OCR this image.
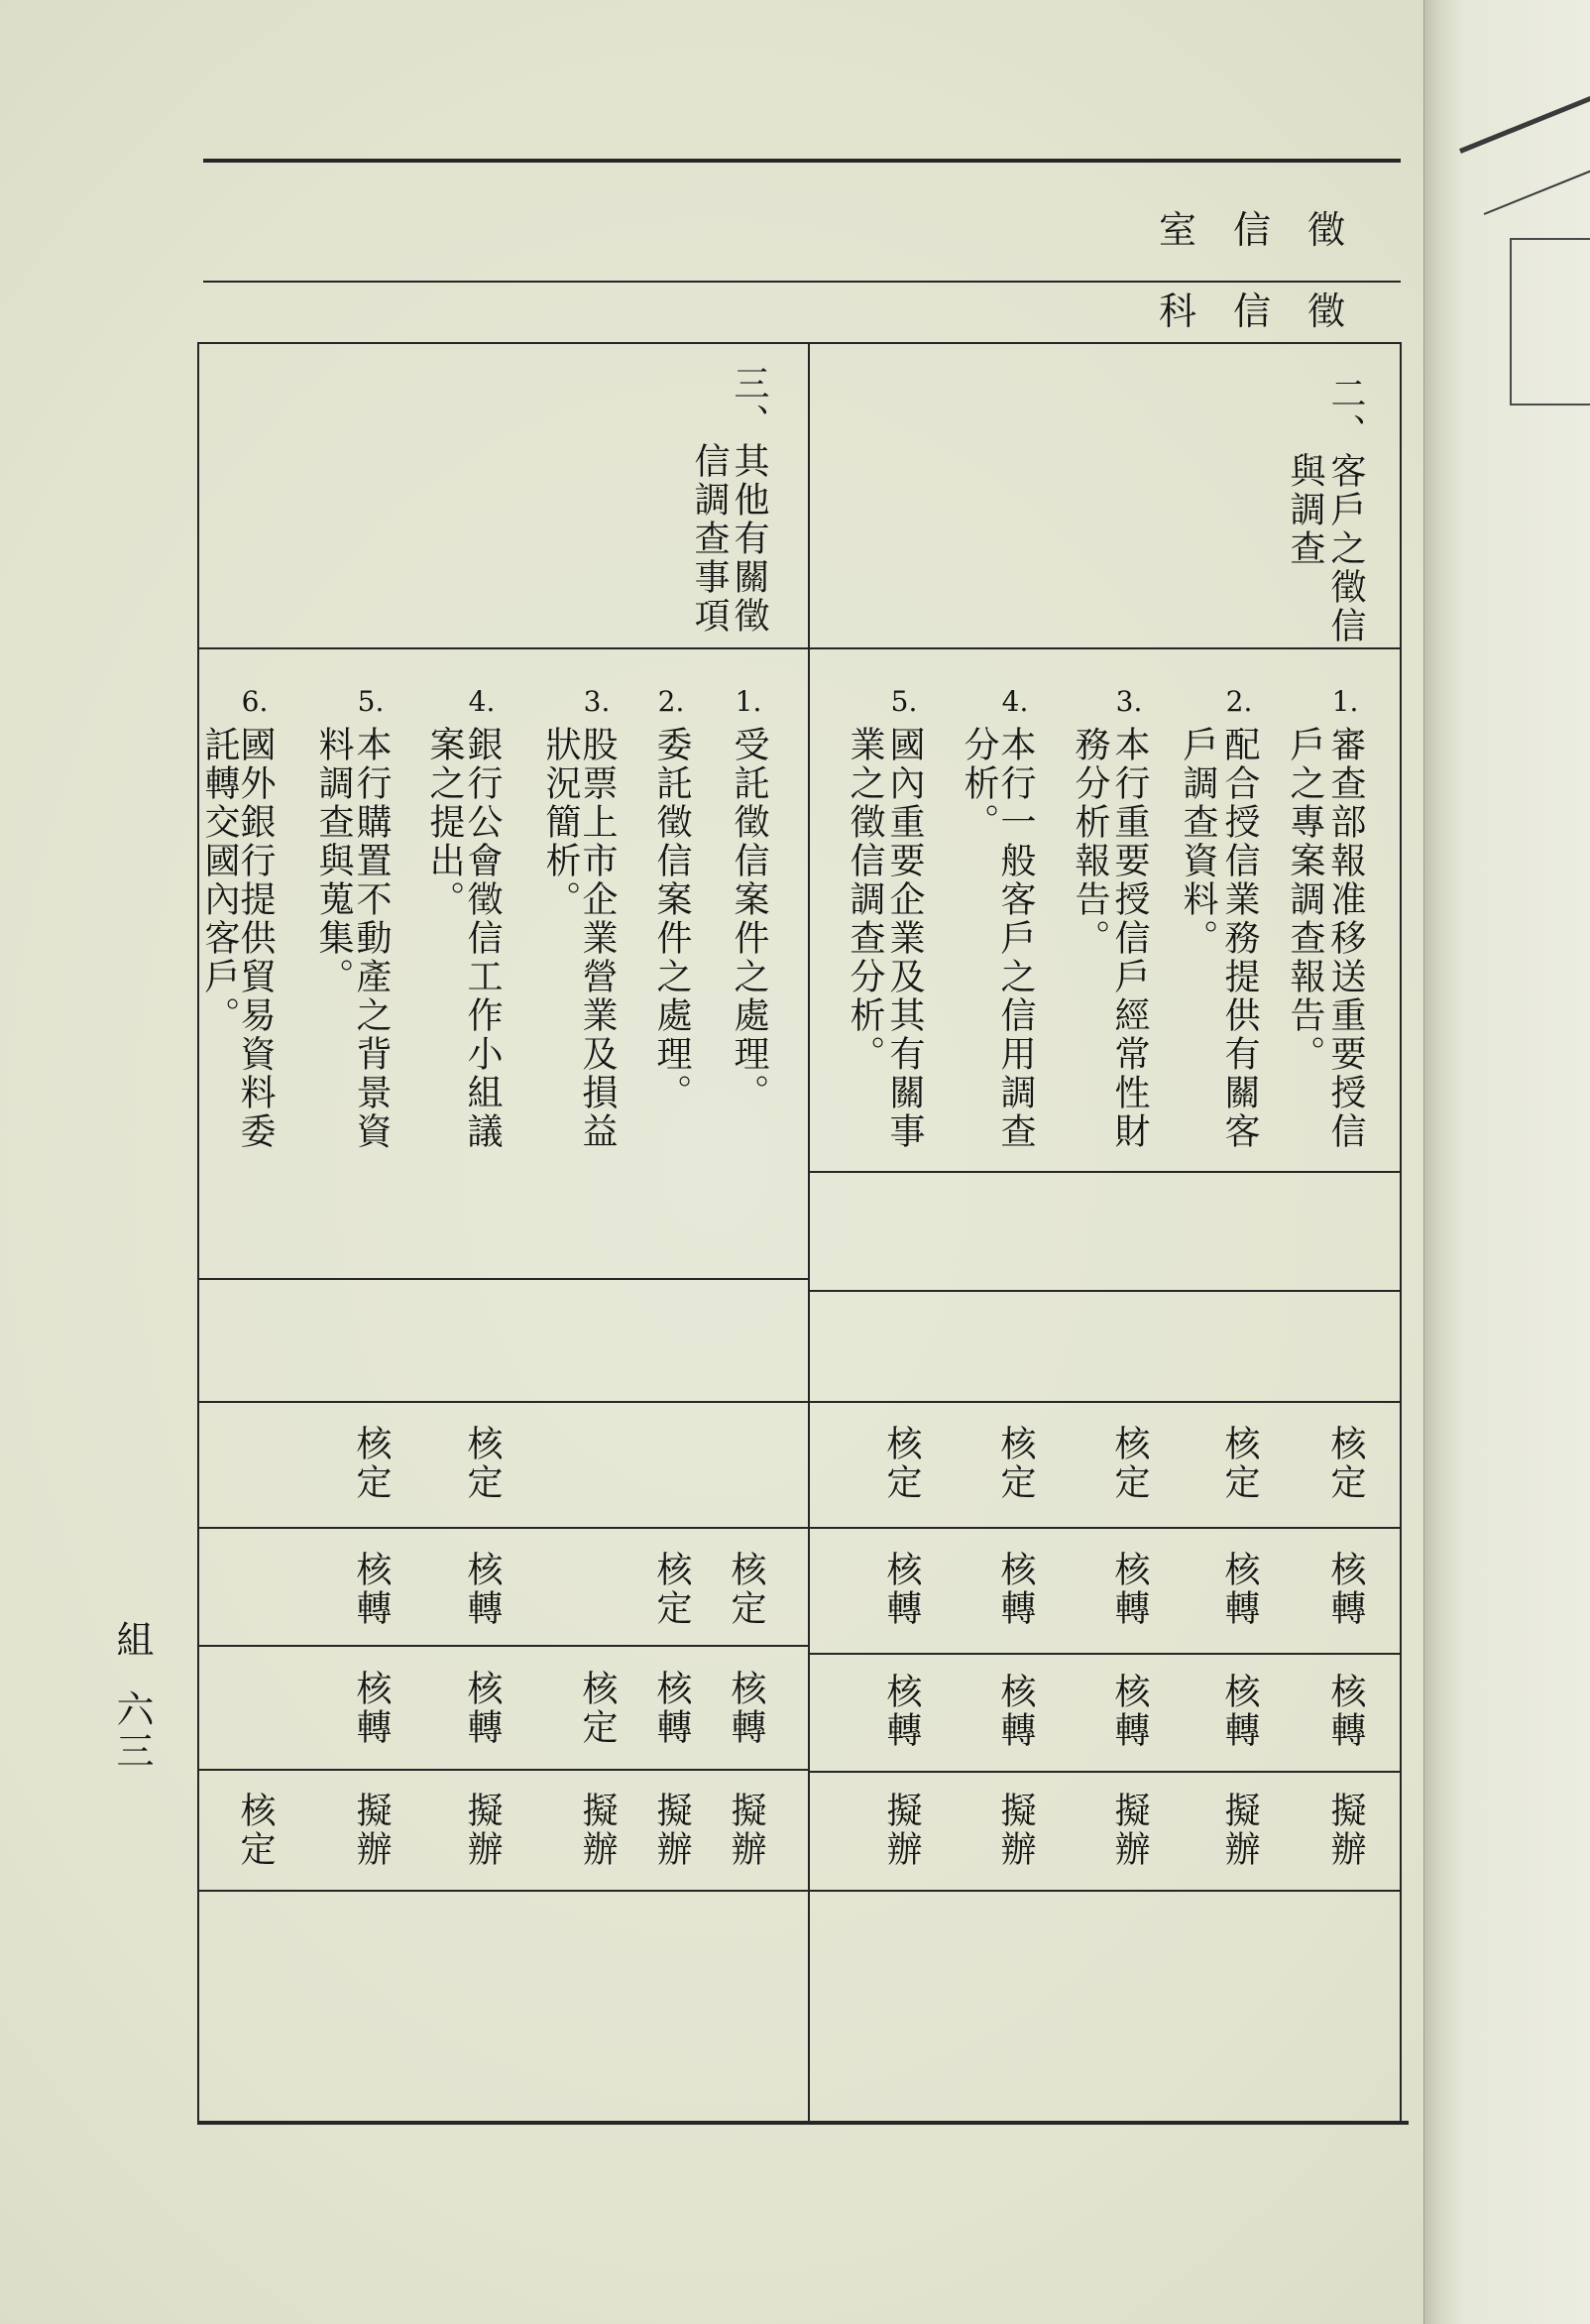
徵信室
徵信科
二、客戶之徵信
與調查
三、其他有關徵
信調查事項
1.
審查部報准移送重要授信
戶之專案調查報告。
核定
核轉
核轉
擬辦
2.
配合授信業務提供有關客
戶調查資料。
核定
核轉
核轉
擬辦
3.
本行重要授信戶經常性財
務分析報告。
核定
核轉
核轉
擬辦
4.
本行一般客戶之信用調查
分析。
核定
核轉
核轉
擬辦
5.
國內重要企業及其有關事
業之徵信調查分析。
核定
核轉
核轉
擬辦
1.
受託徵信案件之處理。
核定
核轉
擬辦
2.
委託徵信案件之處理。
核定
核轉
擬辦
3.
股票上市企業營業及損益
狀況簡析。
核定
擬辦
4.
銀行公會徵信工作小組議
案之提出。
核定
核轉
核轉
擬辦
5.
本行購置不動產之背景資
料調查與蒐集。
核定
核轉
核轉
擬辦
6.
國外銀行提供貿易資料委
託轉交國內客戶。
核定
組
六三
